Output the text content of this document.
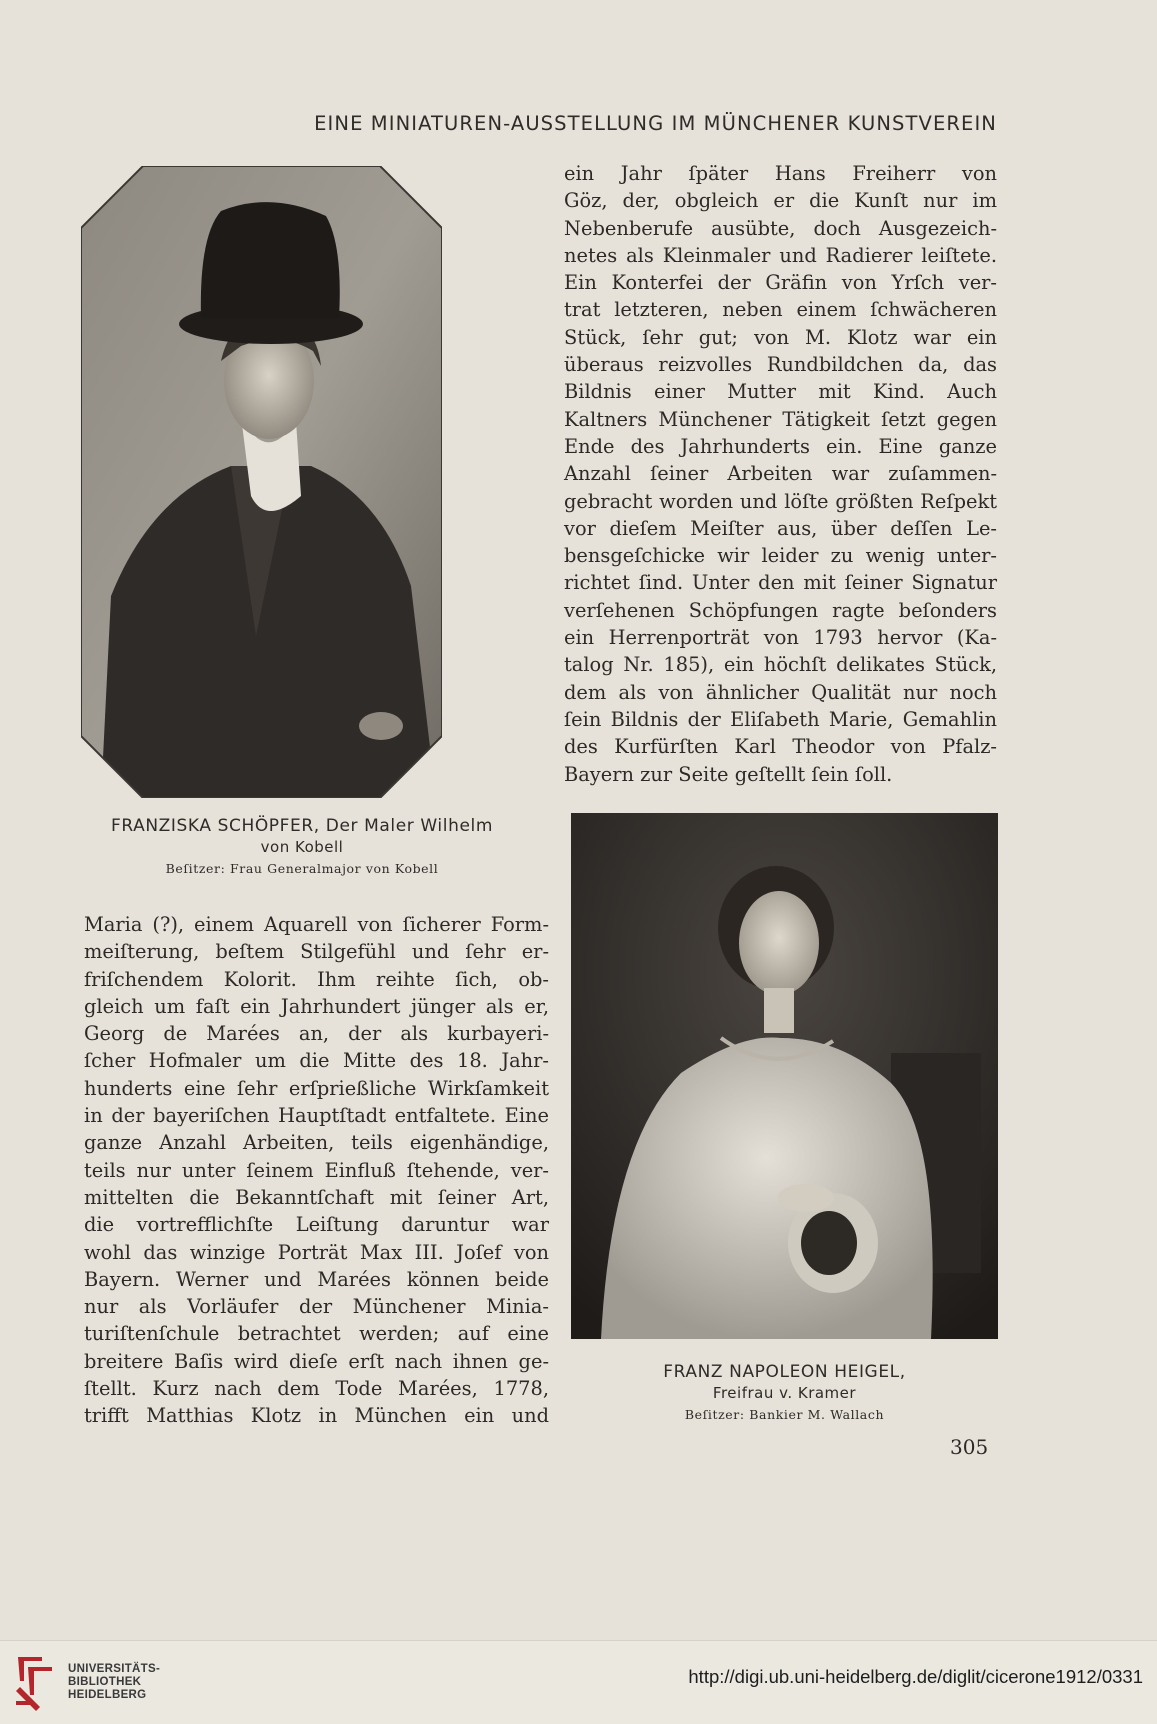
EINE MINIATUREN-AUSSTELLUNG IM MÜNCHENER KUNSTVEREIN
FRANZISKA SCHÖPFER, Der Maler Wilhelm
von Kobell
Beſitzer: Frau Generalmajor von Kobell

ein Jahr ſpäter Hans Freiherr von

Göz, der, obgleich er die Kunſt nur im

Nebenberufe ausübte, doch Ausgezeich-

netes als Kleinmaler und Radierer leiſtete.

Ein Konterfei der Gräfin von Yrſch ver-

trat letzteren, neben einem ſchwächeren

Stück, ſehr gut; von M. Klotz war ein

überaus reizvolles Rundbildchen da, das

Bildnis einer Mutter mit Kind. Auch

Kaltners Münchener Tätigkeit ſetzt gegen

Ende des Jahrhunderts ein. Eine ganze

Anzahl ſeiner Arbeiten war zuſammen-

gebracht worden und löſte größten Reſpekt

vor dieſem Meiſter aus, über deſſen Le-

bensgeſchicke wir leider zu wenig unter-

richtet ſind. Unter den mit ſeiner Signatur

verſehenen Schöpfungen ragte beſonders

ein Herrenporträt von 1793 hervor (Ka-

talog Nr. 185), ein höchſt delikates Stück,

dem als von ähnlicher Qualität nur noch

ſein Bildnis der Eliſabeth Marie, Gemahlin

des Kurfürſten Karl Theodor von Pfalz-

Bayern zur Seite geſtellt ſein ſoll.

Maria (?), einem Aquarell von ſicherer Form-

meiſterung, beſtem Stilgefühl und ſehr er-

friſchendem Kolorit. Ihm reihte ſich, ob-

gleich um faſt ein Jahrhundert jünger als er,

Georg de Marées an, der als kurbayeri-

ſcher Hofmaler um die Mitte des 18. Jahr-

hunderts eine ſehr erſprießliche Wirkſamkeit

in der bayeriſchen Hauptſtadt entfaltete. Eine

ganze Anzahl Arbeiten, teils eigenhändige,

teils nur unter ſeinem Einfluß ſtehende, ver-

mittelten die Bekanntſchaft mit ſeiner Art,

die vortrefflichſte Leiſtung daruntur war

wohl das winzige Porträt Max III. Joſef von

Bayern. Werner und Marées können beide

nur als Vorläufer der Münchener Minia-

turiſtenſchule betrachtet werden; auf eine

breitere Baſis wird dieſe erſt nach ihnen ge-

ſtellt. Kurz nach dem Tode Marées, 1778,

trifft Matthias Klotz in München ein und

FRANZ NAPOLEON HEIGEL,
Freifrau v. Kramer
Beſitzer: Bankier M. Wallach
305
UNIVERSITÄTS-
BIBLIOTHEK
HEIDELBERG
http://digi.ub.uni-heidelberg.de/diglit/cicerone1912/0331
